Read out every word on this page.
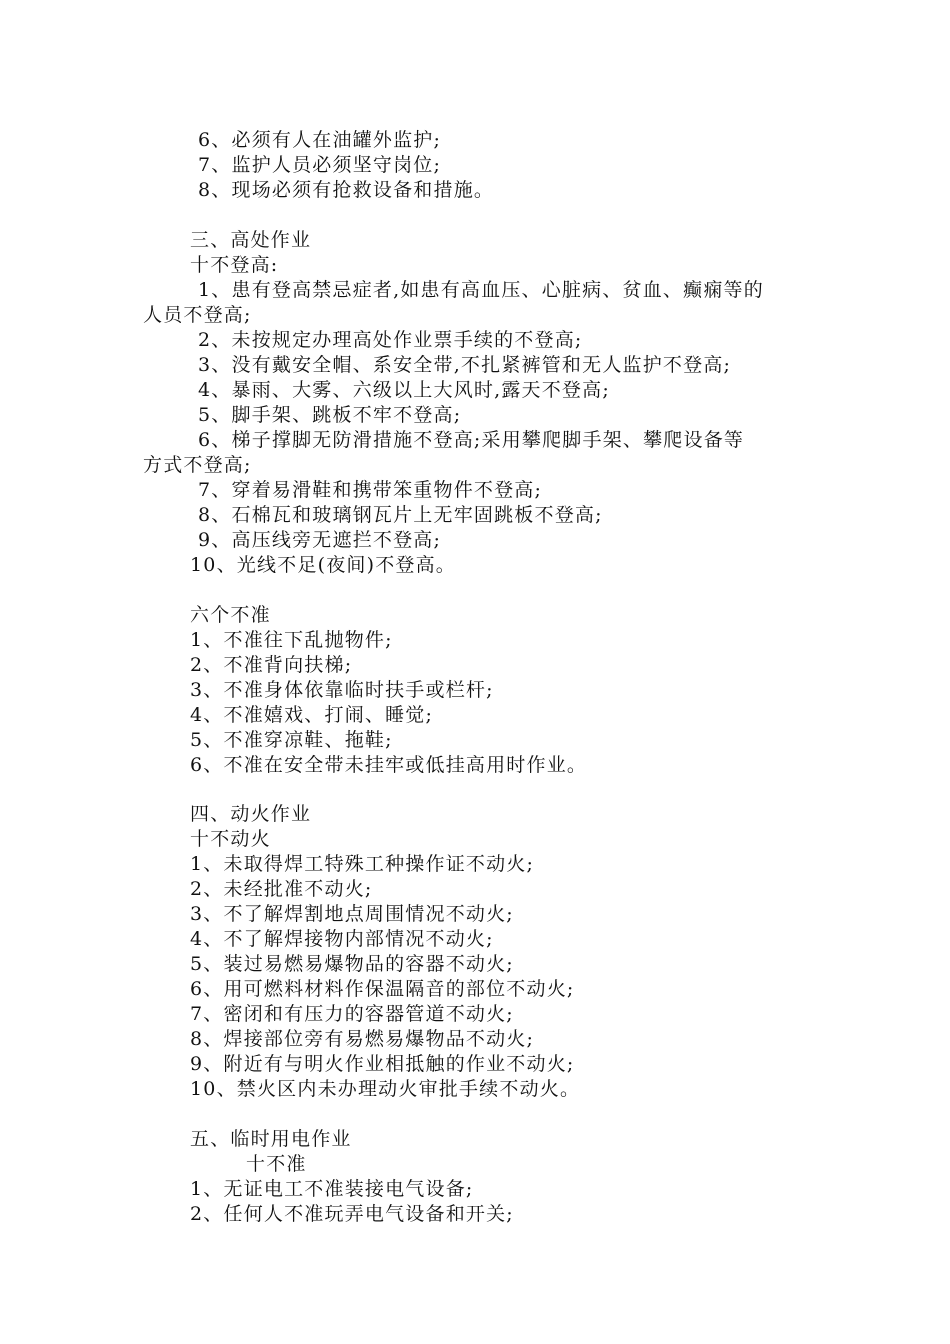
6、必须有人在油罐外监护;
7、监护人员必须坚守岗位;
8、现场必须有抢救设备和措施。
三、高处作业
十不登高:
1、患有登高禁忌症者,如患有高血压、心脏病、贫血、癫痫等的
人员不登高;
2、未按规定办理高处作业票手续的不登高;
3、没有戴安全帽、系安全带,不扎紧裤管和无人监护不登高;
4、暴雨、大雾、六级以上大风时,露天不登高;
5、脚手架、跳板不牢不登高;
6、梯子撑脚无防滑措施不登高;采用攀爬脚手架、攀爬设备等
方式不登高;
7、穿着易滑鞋和携带笨重物件不登高;
8、石棉瓦和玻璃钢瓦片上无牢固跳板不登高;
9、高压线旁无遮拦不登高;
10、光线不足(夜间)不登高。
六个不准
1、不准往下乱抛物件;
2、不准背向扶梯;
3、不准身体依靠临时扶手或栏杆;
4、不准嬉戏、打闹、睡觉;
5、不准穿凉鞋、拖鞋;
6、不准在安全带未挂牢或低挂高用时作业。
四、动火作业
十不动火
1、未取得焊工特殊工种操作证不动火;
2、未经批准不动火;
3、不了解焊割地点周围情况不动火;
4、不了解焊接物内部情况不动火;
5、装过易燃易爆物品的容器不动火;
6、用可燃料材料作保温隔音的部位不动火;
7、密闭和有压力的容器管道不动火;
8、焊接部位旁有易燃易爆物品不动火;
9、附近有与明火作业相抵触的作业不动火;
10、禁火区内未办理动火审批手续不动火。
五、临时用电作业
十不准
1、无证电工不准装接电气设备;
2、任何人不准玩弄电气设备和开关;
